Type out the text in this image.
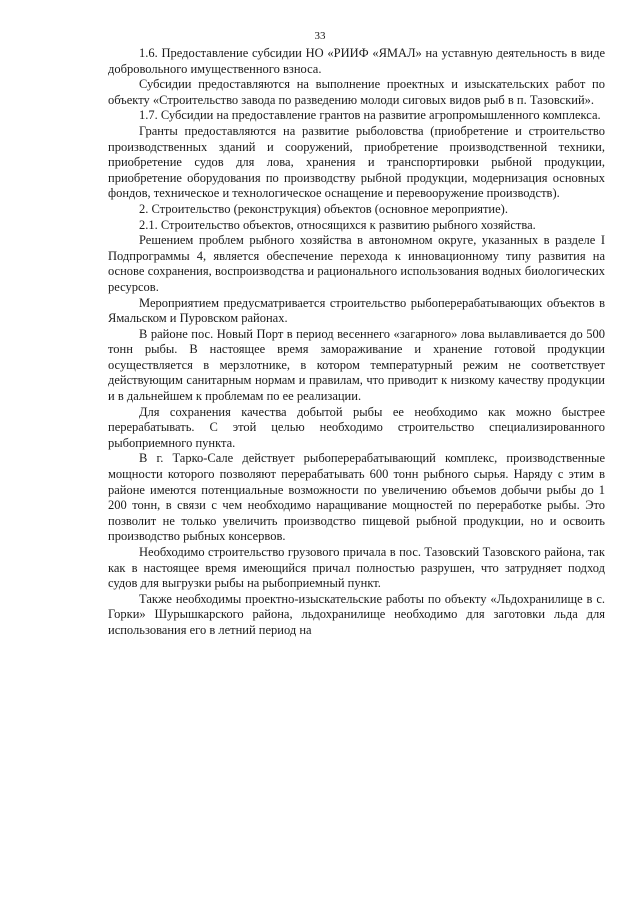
33

1.6. Предоставление субсидии НО «РИИФ «ЯМАЛ» на уставную деятельность в виде добровольного имущественного взноса.

Субсидии предоставляются на выполнение проектных и изыскательских работ по объекту «Строительство завода по разведению молоди сиговых видов рыб в п. Тазовский».

1.7. Субсидии на предоставление грантов на развитие агропромышленного комплекса.

Гранты предоставляются на развитие рыболовства (приобретение и строительство производственных зданий и сооружений, приобретение производственной техники, приобретение судов для лова, хранения и транспортировки рыбной продукции, приобретение оборудования по производству рыбной продукции, модернизация основных фондов, техническое и технологическое оснащение и перевооружение производств).

2. Строительство (реконструкция) объектов (основное мероприятие).

2.1. Строительство объектов, относящихся к развитию рыбного хозяйства.

Решением проблем рыбного хозяйства в автономном округе, указанных в разделе I Подпрограммы 4, является обеспечение перехода к инновационному типу развития на основе сохранения, воспроизводства и рационального использования водных биологических ресурсов.

Мероприятием предусматривается строительство рыбоперерабатывающих объектов в Ямальском и Пуровском районах.

В районе пос. Новый Порт в период весеннего «загарного» лова вылавливается до 500 тонн рыбы. В настоящее время замораживание и хранение готовой продукции осуществляется в мерзлотнике, в котором температурный режим не соответствует действующим санитарным нормам и правилам, что приводит к низкому качеству продукции и в дальнейшем к проблемам по ее реализации.

Для сохранения качества добытой рыбы ее необходимо как можно быстрее перерабатывать. С этой целью необходимо строительство специализированного рыбоприемного пункта.

В г. Тарко-Сале действует рыбоперерабатывающий комплекс, производственные мощности которого позволяют перерабатывать 600 тонн рыбного сырья. Наряду с этим в районе имеются потенциальные возможности по увеличению объемов добычи рыбы до 1 200 тонн, в связи с чем необходимо наращивание мощностей по переработке рыбы. Это позволит не только увеличить производство пищевой рыбной продукции, но и освоить производство рыбных консервов.

Необходимо строительство грузового причала в пос. Тазовский Тазовского района, так как в настоящее время имеющийся причал полностью разрушен, что затрудняет подход судов для выгрузки рыбы на рыбоприемный пункт.

Также необходимы проектно-изыскательские работы по объекту «Льдохранилище в с. Горки» Шурышкарского района, льдохранилище необходимо для заготовки льда для использования его в летний период на
